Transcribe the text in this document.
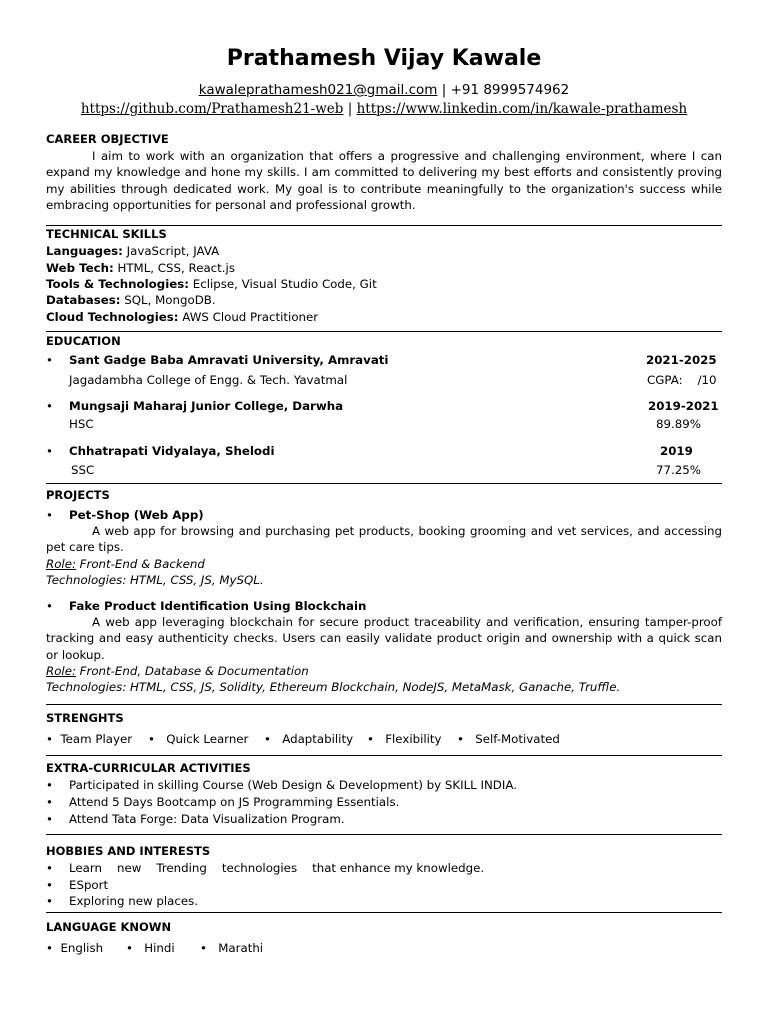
Prathamesh Vijay Kawale
kawaleprathamesh021@gmail.com | +91 8999574962
https://github.com/Prathamesh21-web | https://www.linkedin.com/in/kawale-prathamesh
CAREER OBJECTIVE

I aim to work with an organization that offers a progressive and challenging environment, where I can expand my knowledge and hone my skills. I am committed to delivering my best efforts and consistently proving my abilities through dedicated work. My goal is to contribute meaningfully to the organization's success while embracing opportunities for personal and professional growth.

TECHNICAL SKILLS
Languages: JavaScript, JAVA
Web Tech: HTML, CSS, React.js
Tools & Technologies: Eclipse, Visual Studio Code, Git
Databases: SQL, MongoDB.
Cloud Technologies: AWS Cloud Practitioner
EDUCATION
• Sant Gadge Baba Amravati University, Amravati	2021-2025
Jagadambha College of Engg. & Tech. Yavatmal	CGPA:    /10
• Mungsaji Maharaj Junior College, Darwha	2019-2021
HSC	89.89%
• Chhatrapati Vidyalaya, Shelodi	2019
SSC	77.25%
PROJECTS
• Pet-Shop (Web App)

A web app for browsing and purchasing pet products, booking grooming and vet services, and accessing pet care tips.

Role: Front-End & Backend
Technologies: HTML, CSS, JS, MySQL.
• Fake Product Identification Using Blockchain

A web app leveraging blockchain for secure product traceability and verification, ensuring tamper-proof tracking and easy authenticity checks. Users can easily validate product origin and ownership with a quick scan or lookup.

Role: Front-End, Database & Documentation
Technologies: HTML, CSS, JS, Solidity, Ethereum Blockchain, NodeJS, MetaMask, Ganache, Truffle.
STRENGHTS
•  Team Player •   Quick Learner •   Adaptability •   Flexibility •   Self-Motivated
EXTRA-CURRICULAR ACTIVITIES
• Participated in skilling Course (Web Design & Development) by SKILL INDIA.
• Attend 5 Days Bootcamp on JS Programming Essentials.
• Attend Tata Forge: Data Visualization Program.
HOBBIES AND INTERESTS
• Learn    new    Trending    technologies    that enhance my knowledge.
• ESport
• Exploring new places.
LANGUAGE KNOWN
•  English •   Hindi •   Marathi
